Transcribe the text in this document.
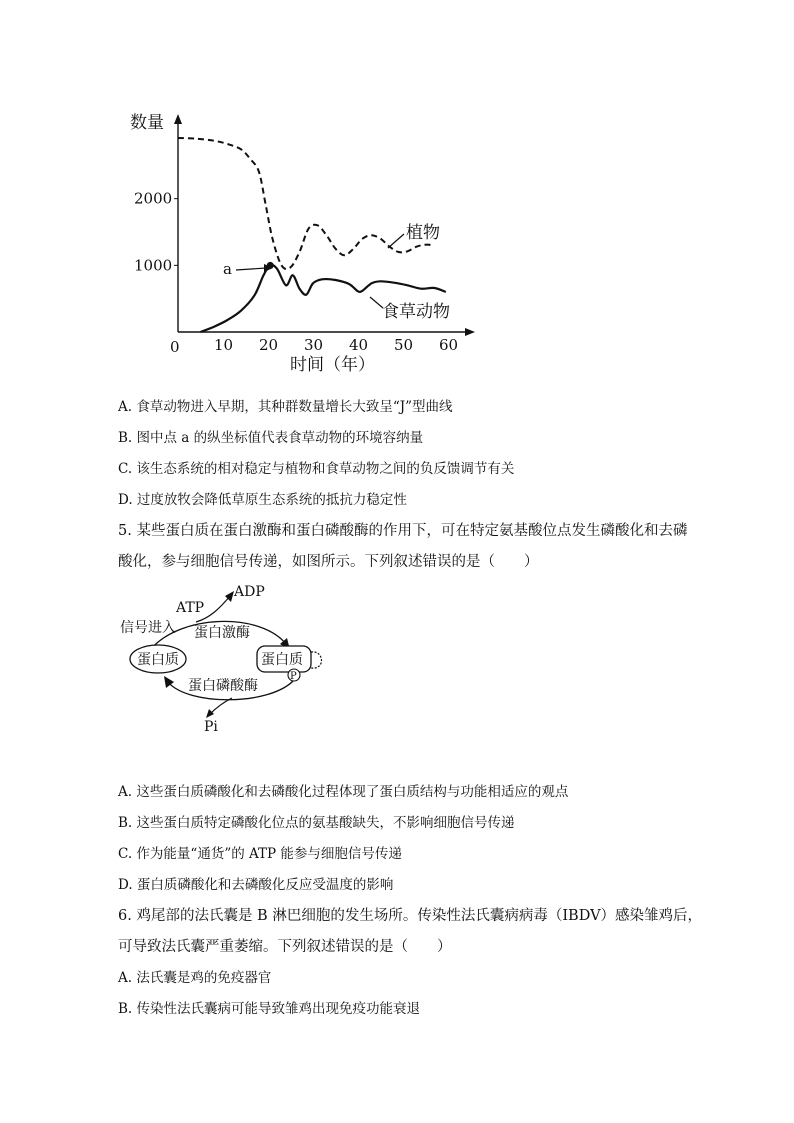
数量
时间（年）
0 10 20 30 40 50 60
1000
2000
a
植物
食草动物
A. 食草动物进入早期，其种群数量增长大致呈“J”型曲线
B. 图中点 a 的纵坐标值代表食草动物的环境容纳量
C. 该生态系统的相对稳定与植物和食草动物之间的负反馈调节有关
D. 过度放牧会降低草原生态系统的抵抗力稳定性
5. 某些蛋白质在蛋白激酶和蛋白磷酸酶的作用下，可在特定氨基酸位点发生磷酸化和去磷
酸化，参与细胞信号传递，如图所示。下列叙述错误的是（　　）
ATP
ADP
信号进入 蛋白激酶
蛋白磷酸酶
Pi
蛋白质	蛋白质
P
A. 这些蛋白质磷酸化和去磷酸化过程体现了蛋白质结构与功能相适应的观点
B. 这些蛋白质特定磷酸化位点的氨基酸缺失，不影响细胞信号传递
C. 作为能量“通货”的 ATP 能参与细胞信号传递
D. 蛋白质磷酸化和去磷酸化反应受温度的影响
6. 鸡尾部的法氏囊是 B 淋巴细胞的发生场所。传染性法氏囊病病毒（IBDV）感染雏鸡后，
可导致法氏囊严重萎缩。下列叙述错误的是（　　）
A. 法氏囊是鸡的免疫器官
B. 传染性法氏囊病可能导致雏鸡出现免疫功能衰退
